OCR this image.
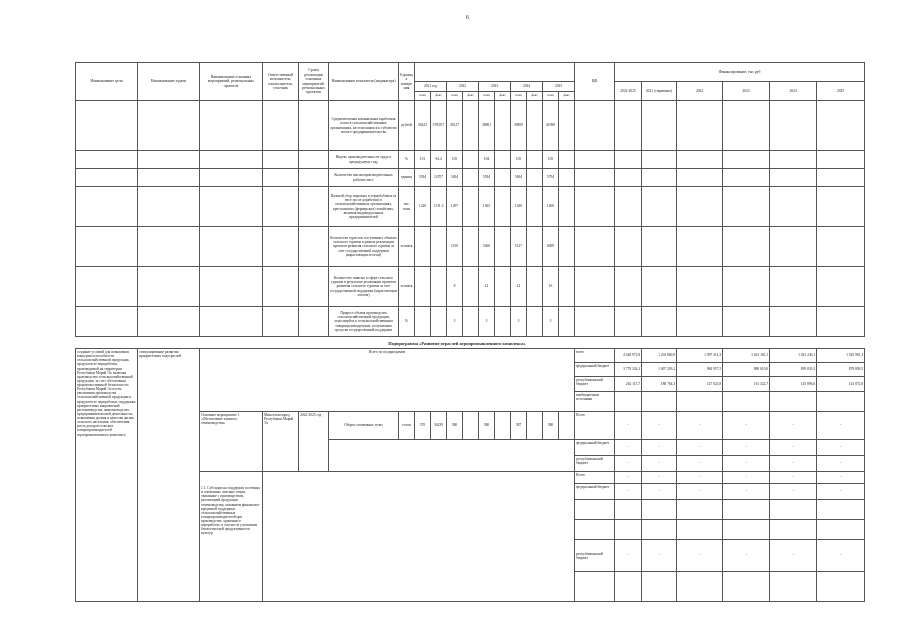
6
Наименование цели	Наименование задачи	Наименование основных мероприятий, региональных проектов	Ответственный исполнитель, соисполнитель, участник	Сроки реализации основных мероприятий, региональных проектов	Наименование показателя (индикатора)	Единица измерения											ЦФ	Финансирование, тыс.руб					
							2021 год		2022		2023		2024		2025			2022-2025	2021 (справочно)	2022	2023	2024	2025
							план	факт	план	факт	план	факт	план	факт	план	факт							
					Среднемесячная номинальная заработная плата в сельскохозяйственных организациях, не относящихся к субъектам малого предпринимательства	рублей	36423	37839,7	38127		38881		39859		41098								
					Индекс производительности труда к предыдущему году	%	101	94,4	105		104		105		105								
					Количество высокопроизводительных рабочих мест	единиц	5394	14707	5494		5594		5694		5794								
					Валовой сбор зерновых и зернобобовых (в весе после доработки) в сельскохозяйственных организациях, крестьянских (фермерских) хозяйствах, включая индивидуальных предпринимателей	тыс. тонн	1220	1131,3	1297		1363		1430		1400								
					Количество туристов, посетивших объекты сельского туризма в рамках реализации проектов развития сельского туризма за счет государственной поддержки (нарастающим итогом)	человек			1150		5460		5127		8499								
					Количество занятых в сфере сельского туризма в результате реализации проектов развития сельского туризма за счет государственной поддержки (нарастающим итогом)	человек			8		12		12		16								
					Прирост объема производства сельскохозяйственной продукции, относящейся к сельскохозяйственным товаропроизводителям, получившим средства государственной поддержки	%			3		3		3		3								
Подпрограмма «Развитие отраслей агропромышленного комплекса»
создание условий для повышения конкурентоспособности сельскохозяйственной продукции, продуктов ее переработки, производимой на территории Республики Марий Эл, включая производство сельскохозяйственной продукции, за счет обеспечения продовольственной безопасности Республики Марий Эл путем увеличения производства сельскохозяйственной продукции и продуктов ее переработки, поддержки приоритетных направлений растениеводства, животноводства, предпринимательской деятельности, повышения уровня и качества жизни сельского населения, обеспечения роста доходов сельских товаропроизводителей агропромышленного комплекса	стимулирование развития приоритетных подотраслей	Всего по подпрограмме															всего	4 440 972,8	1 203 860,9	1 097 314,3	1 041 165,1	1 041 240,1	1 043 981,3
																	федеральный бюджет	3 770 334,1	1 007 293,2	984 957,5	880 010,0	895 033,3	878 809,5
																	республиканский бюджет	262 115,7	188 764,3	147 023,8	161 322,7	145 096,6	143 072,8
																	внебюджетные источники						
		Основное мероприятие 1 «Обеспечение элитного семеноводства»	Минсельхозпрод Республики Марий Эл	2022-2025 год	Оборот племенных телят	голов	370	36239	380		380		387		380		Всего	-	-	-	-	-	-
																	федеральный бюджет	-	-	-	-	-	-
																	республиканский бюджет	-	-	-	-	-	-
		1.1. Субсидии на поддержку посевных и племенных элитных семян, связанные с производством, реализацией продукции семеноводства, оказанием финансово-кредитной поддержки сельскохозяйственных товаропроизводителей при производстве, хранении и переработке, в том числе улучшения биологической продуктивности культур															Всего	-	-	-	-	-	-
																	федеральный бюджет	-	-	-	-	-	-

																	республиканский бюджет	-	-	-	-	-	-
